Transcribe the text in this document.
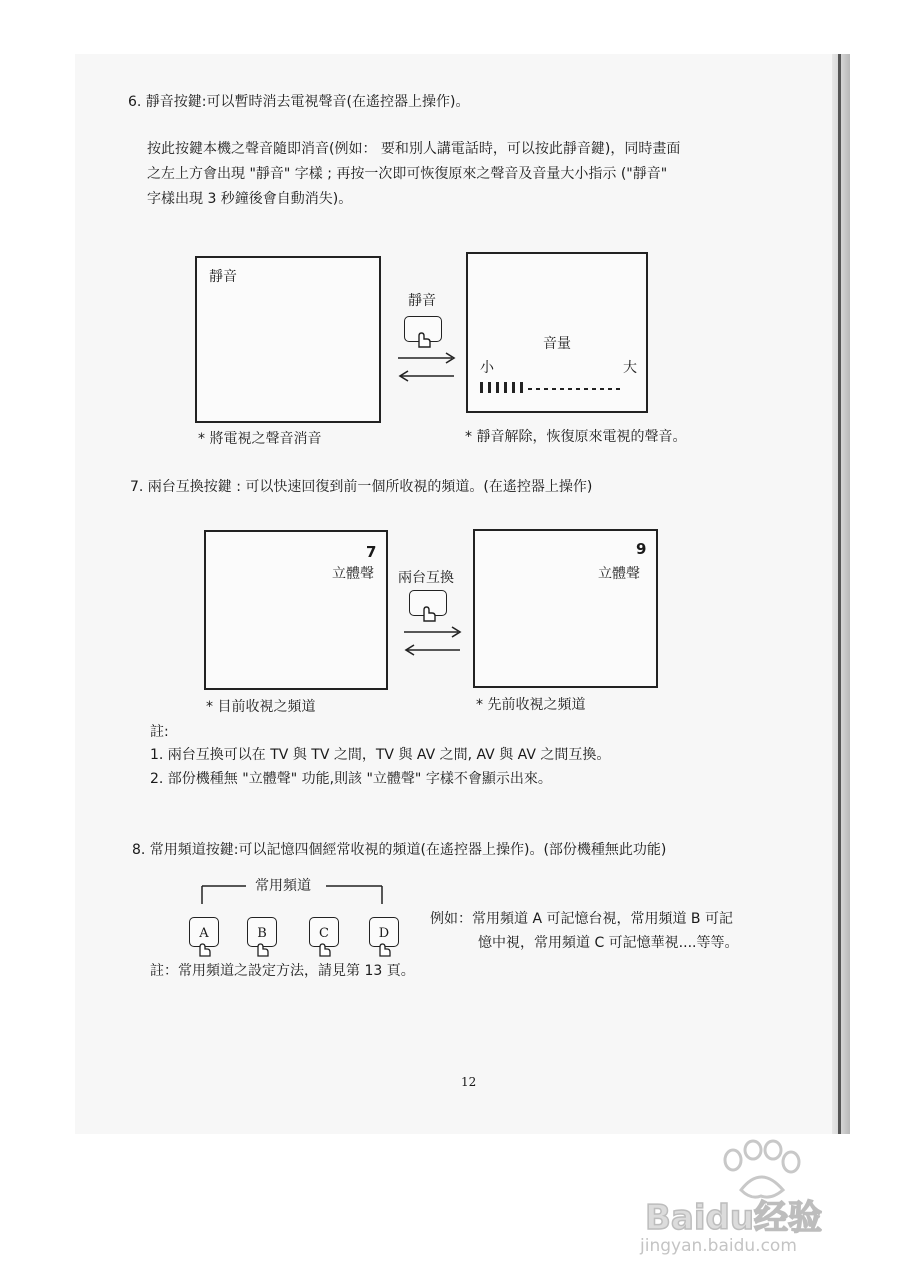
6. 靜音按鍵:可以暫時消去電視聲音(在遙控器上操作)。
按此按鍵本機之聲音隨即消音(例如： 要和別人講電話時，可以按此靜音鍵)，同時畫面
之左上方會出現 "靜音" 字樣 ; 再按一次即可恢復原來之聲音及音量大小指示 ("靜音"
字樣出現 3 秒鐘後會自動消失)。
靜音
靜音
音量
小	大
* 將電視之聲音消音	* 靜音解除，恢復原來電視的聲音。
7. 兩台互換按鍵 : 可以快速回復到前一個所收視的頻道。(在遙控器上操作)
7
立體聲 兩台互換
9
立體聲
* 目前收視之頻道	* 先前收視之頻道
註:
1. 兩台互換可以在 TV 與 TV 之間，TV 與 AV 之間, AV 與 AV 之間互換。
2. 部份機種無 "立體聲" 功能,則該 "立體聲" 字樣不會顯示出來。
8. 常用頻道按鍵:可以記憶四個經常收視的頻道(在遙控器上操作)。(部份機種無此功能)
常用頻道
A	B	C	D
例如：常用頻道 A 可記憶台視，常用頻道 B 可記
憶中視，常用頻道 C 可記憶華視....等等。
註：常用頻道之設定方法，請見第 13 頁。
12
Baidu经验
jingyan.baidu.com
